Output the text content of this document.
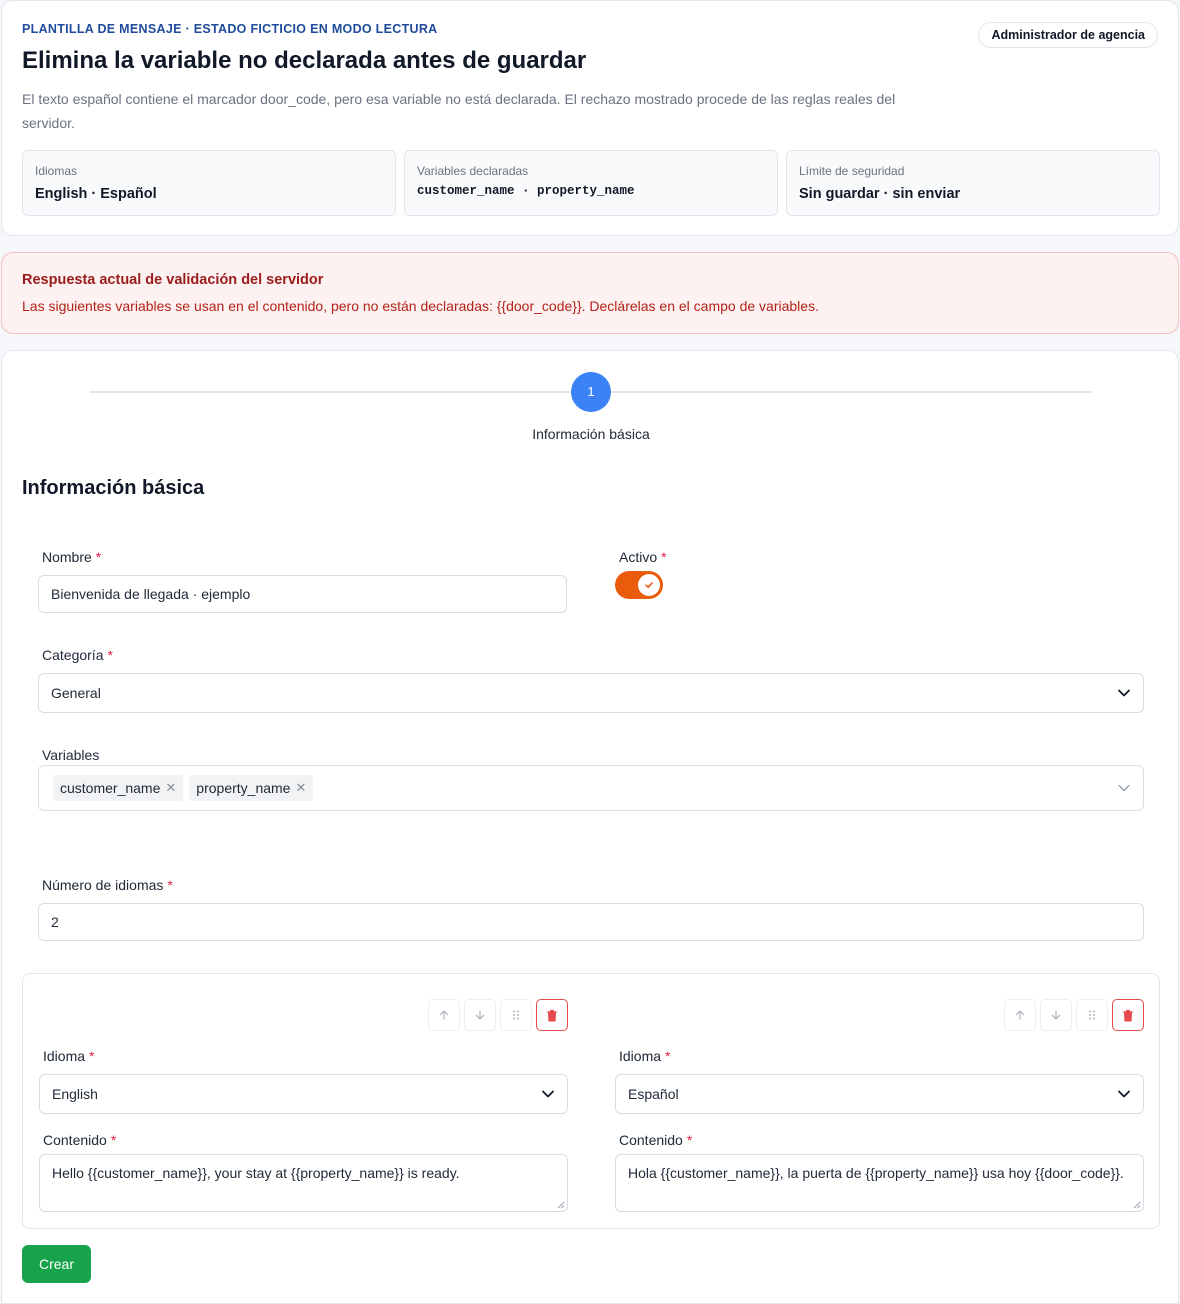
PLANTILLA DE MENSAJE · ESTADO FICTICIO EN MODO LECTURA	Administrador de agencia
Elimina la variable no declarada antes de guardar

El texto español contiene el marcador door_code, pero esa variable no está declarada. El rechazo mostrado procede de las reglas reales del servidor.

Idiomas
English · Español
Variables declaradas
customer_name · property_name
Límite de seguridad
Sin guardar · sin enviar
Respuesta actual de validación del servidor
Las siguientes variables se usan en el contenido, pero no están declaradas: {{door_code}}. Declárelas en el campo de variables.
1
Información básica
Información básica
Nombre *
Bienvenida de llegada · ejemplo
Activo *
Categoría *
General
Variables
customer_name ✕ property_name ✕
Número de idiomas *
2
Idioma *
English
Contenido *
Hello {{customer_name}}, your stay at {{property_name}} is ready.
Idioma *
Español
Contenido *
Hola {{customer_name}}, la puerta de {{property_name}} usa hoy {{door_code}}.
Crear
